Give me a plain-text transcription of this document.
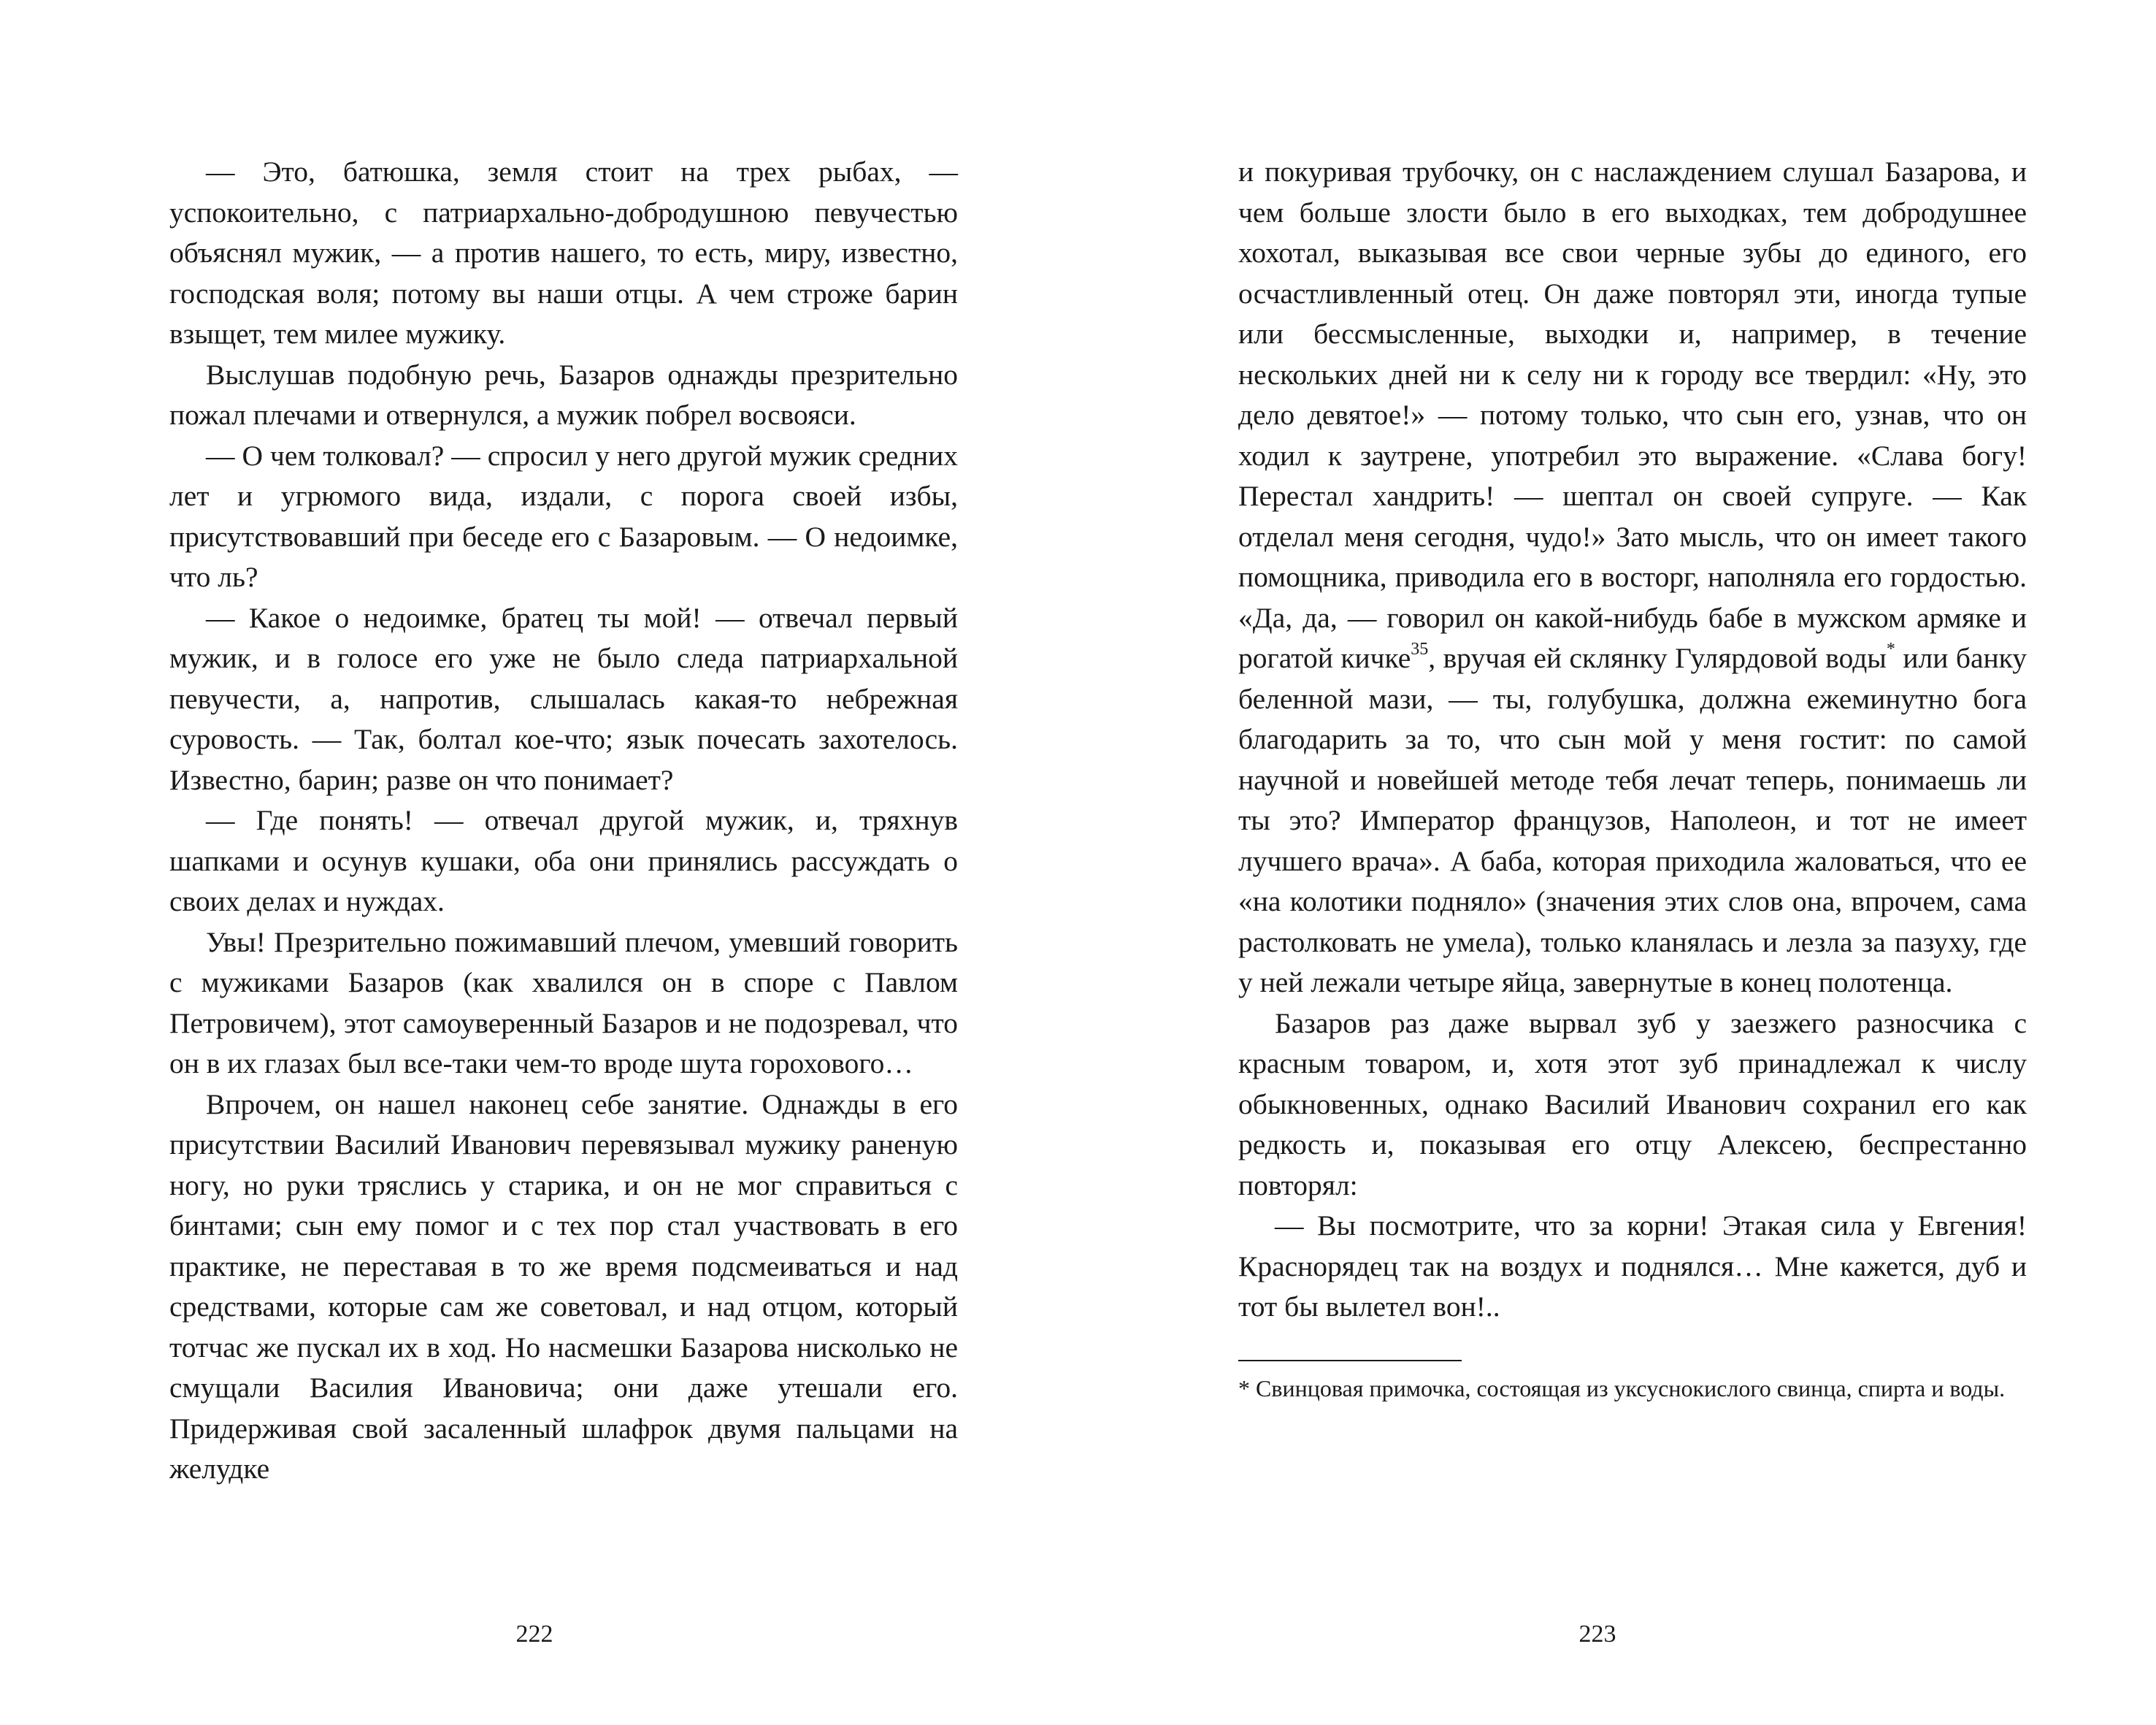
— Это, батюшка, земля стоит на трех рыбах, — успокоительно, с патриархально-добродушною певучестью объяснял мужик, — а против нашего, то есть, миру, известно, господская воля; потому вы наши отцы. А чем строже барин взыщет, тем милее мужику.

Выслушав подобную речь, Базаров однажды презрительно пожал плечами и отвернулся, а мужик побрел восвояси.

— О чем толковал? — спросил у него другой мужик средних лет и угрюмого вида, издали, с порога своей избы, присутствовавший при беседе его с Базаровым. — О недоимке, что ль?

— Какое о недоимке, братец ты мой! — отвечал первый мужик, и в голосе его уже не было следа патриархальной певучести, а, напротив, слышалась какая-то небрежная суровость. — Так, болтал кое-что; язык почесать захотелось. Известно, барин; разве он что понимает?

— Где понять! — отвечал другой мужик, и, тряхнув шапками и осунув кушаки, оба они принялись рассуждать о своих делах и нуждах.

Увы! Презрительно пожимавший плечом, умевший говорить с мужиками Базаров (как хвалился он в споре с Павлом Петровичем), этот самоуверенный Базаров и не подозревал, что он в их глазах был все-таки чем-то вроде шута горохового…

Впрочем, он нашел наконец себе занятие. Однажды в его присутствии Василий Иванович перевязывал мужику раненую ногу, но руки тряслись у старика, и он не мог справиться с бинтами; сын ему помог и с тех пор стал участвовать в его практике, не переставая в то же время подсмеиваться и над средствами, которые сам же советовал, и над отцом, который тотчас же пускал их в ход. Но насмешки Базарова нисколько не смущали Василия Ивановича; они даже утешали его. Придерживая свой засаленный шлафрок двумя пальцами на желудке

222

и покуривая трубочку, он с наслаждением слушал Базарова, и чем больше злости было в его выходках, тем добродушнее хохотал, выказывая все свои черные зубы до единого, его осчастливленный отец. Он даже повторял эти, иногда тупые или бессмысленные, выходки и, например, в течение нескольких дней ни к селу ни к городу все твердил: «Ну, это дело девятое!» — потому только, что сын его, узнав, что он ходил к заутрене, употребил это выражение. «Слава богу! Перестал хандрить! — шептал он своей супруге. — Как отделал меня сегодня, чудо!» Зато мысль, что он имеет такого помощника, приводила его в восторг, наполняла его гордостью. «Да, да, — говорил он какой-нибудь бабе в мужском армяке и рогатой кичке$^{35}$, вручая ей склянку Гулярдовой воды* или банку беленной мази, — ты, голубушка, должна ежеминутно бога благодарить за то, что сын мой у меня гостит: по самой научной и новейшей методе тебя лечат теперь, понимаешь ли ты это? Император французов, Наполеон, и тот не имеет лучшего врача». А баба, которая приходила жаловаться, что ее «на колотики подняло» (значения этих слов она, впрочем, сама растолковать не умела), только кланялась и лезла за пазуху, где у ней лежали четыре яйца, завернутые в конец полотенца.

Базаров раз даже вырвал зуб у заезжего разносчика с красным товаром, и, хотя этот зуб принадлежал к числу обыкновенных, однако Василий Иванович сохранил его как редкость и, показывая его отцу Алексею, беспрестанно повторял:

— Вы посмотрите, что за корни! Этакая сила у Евгения! Краснорядец так на воздух и поднялся… Мне кажется, дуб и тот бы вылетел вон!..

* Свинцовая примочка, состоящая из уксуснокислого свинца, спирта и воды.

223
